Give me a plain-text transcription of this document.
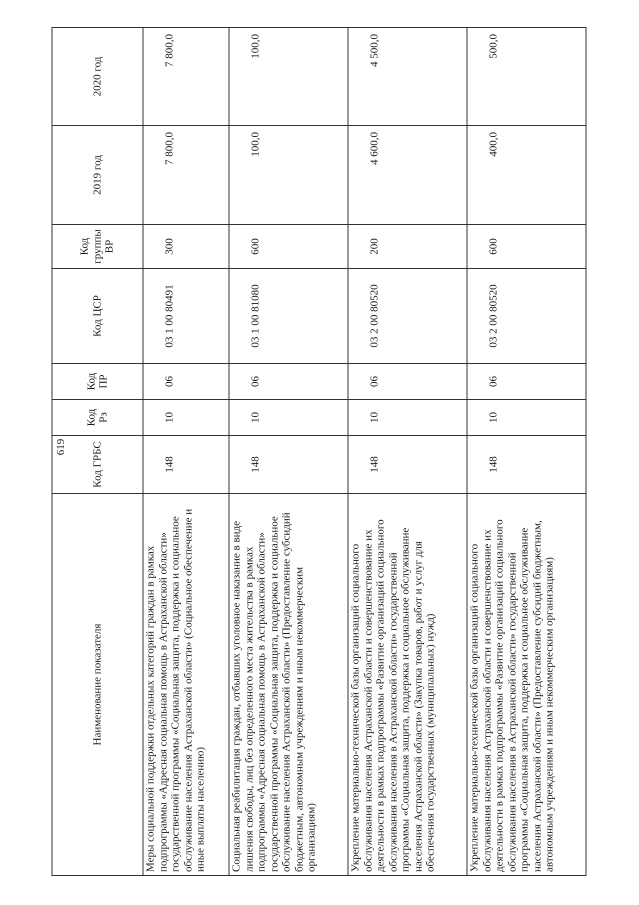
619
Наименование показателя	Код ГРБС	Код Рз	Код ПР	Код ЦСР	Код группы ВР	2019 год	2020 год
Меры социальной поддержки отдельных категорий граждан в рамках подпрограммы «Адресная социальная помощь в Астраханской области» государственной программы «Социальная защита, поддержка и социальное обслуживание населения Астраханской области» (Социальное обеспечение и иные выплаты населению)	148	10	06	03 1 00 80491	300	7 800,0	7 800,0
Социальная реабилитация граждан, отбывших уголовное наказание в виде лишения свободы, лиц без определенного места жительства в рамках подпрограммы «Адресная социальная помощь в Астраханской области» государственной программы «Социальная защита, поддержка и социальное обслуживание населения Астраханской области» (Предоставление субсидий бюджетным, автономным учреждениям и иным некоммерческим организациям)	148	10	06	03 1 00 81080	600	100,0	100,0
Укрепление материально-технической базы организаций социального обслуживания населения Астраханской области и совершенствование их деятельности в рамках подпрограммы «Развитие организаций социального обслуживания населения в Астраханской области» государственной программы «Социальная защита, поддержка и социальное обслуживание населения Астраханской области» (Закупка товаров, работ и услуг для обеспечения государственных (муниципальных) нужд)	148	10	06	03 2 00 80520	200	4 600,0	4 500,0
Укрепление материально-технической базы организаций социального обслуживания населения Астраханской области и совершенствование их деятельности в рамках подпрограммы «Развитие организаций социального обслуживания населения в Астраханской области» государственной программы «Социальная защита, поддержка и социальное обслуживание населения Астраханской области» (Предоставление субсидий бюджетным, автономным учреждениям и иным некоммерческим организациям)	148	10	06	03 2 00 80520	600	400,0	500,0
